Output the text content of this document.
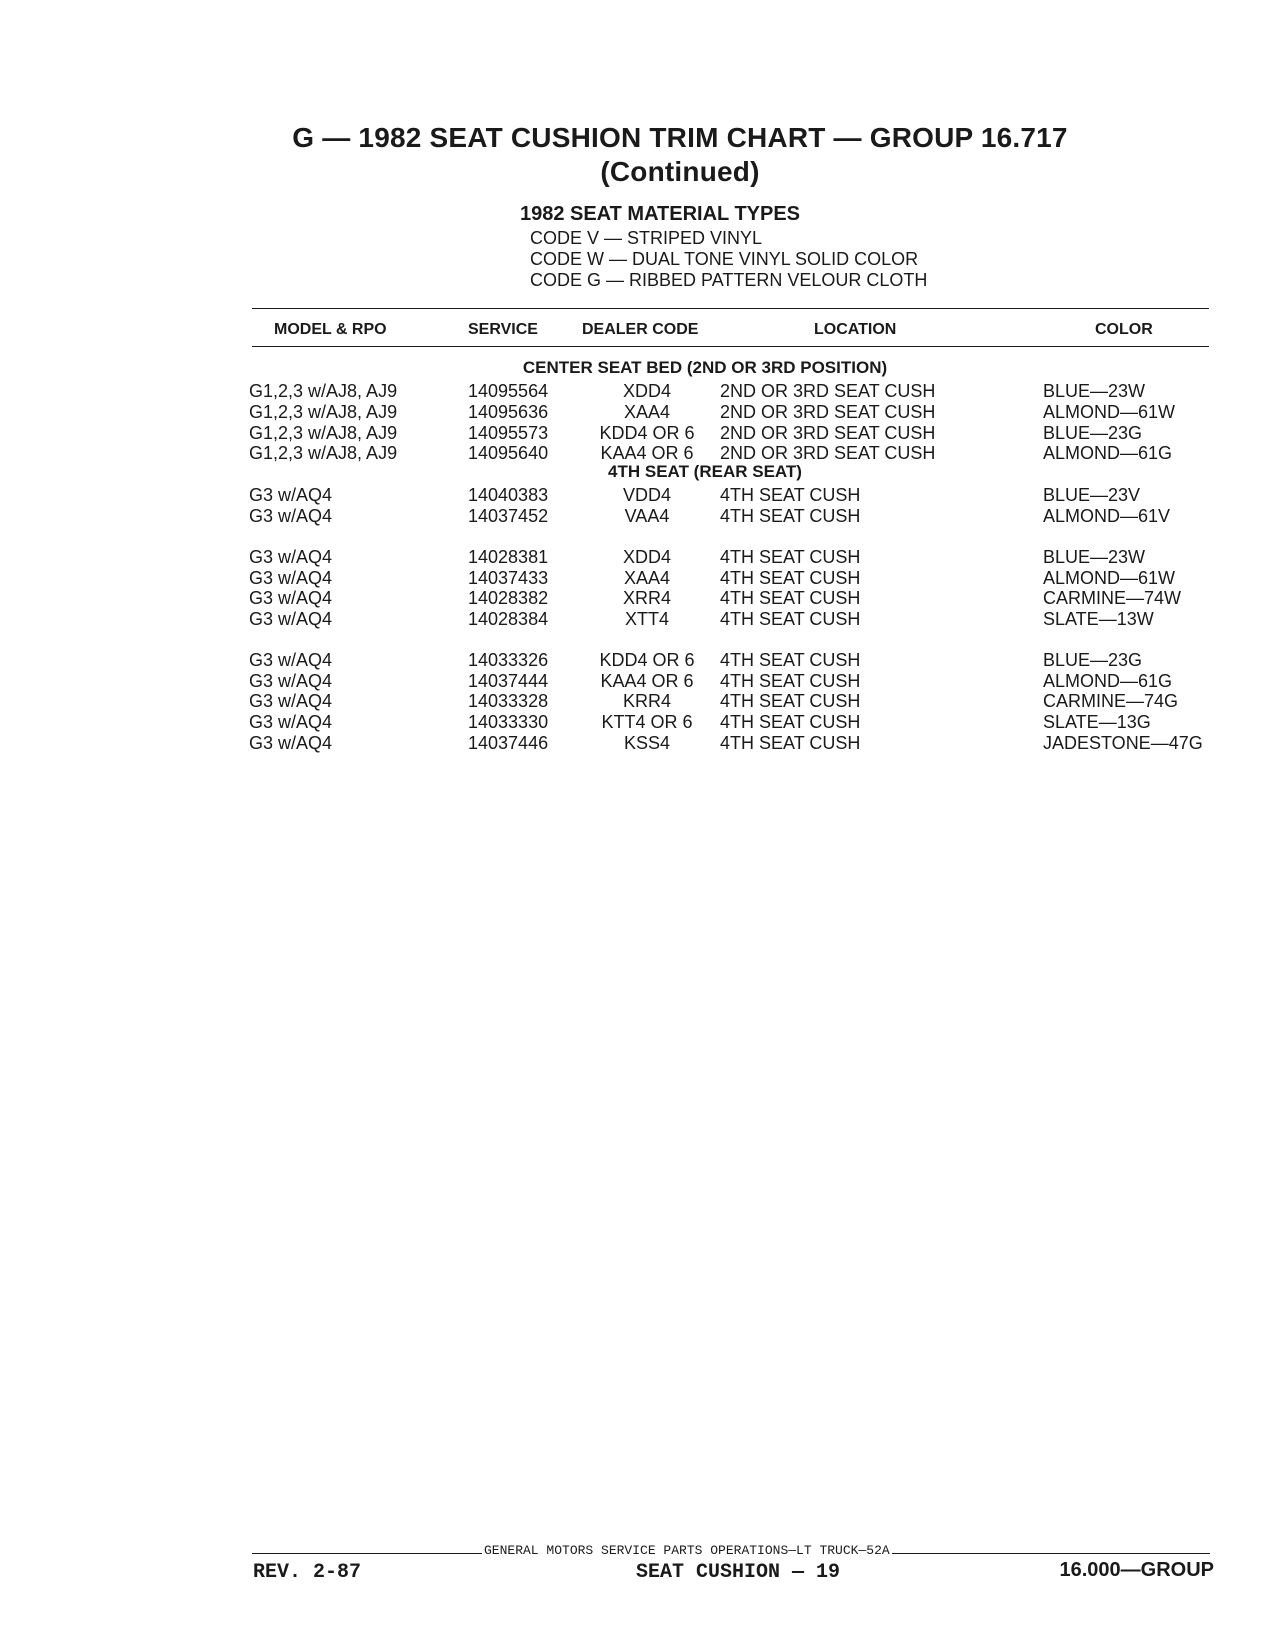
G — 1982 SEAT CUSHION TRIM CHART — GROUP 16.717
(Continued)
1982 SEAT MATERIAL TYPES
CODE V — STRIPED VINYL
CODE W — DUAL TONE VINYL SOLID COLOR
CODE G — RIBBED PATTERN VELOUR CLOTH
MODEL & RPO	SERVICE	DEALER CODE	LOCATION	COLOR
CENTER SEAT BED (2ND OR 3RD POSITION)
G1,2,3 w/AJ8, AJ9	14095564	XDD4	2ND OR 3RD SEAT CUSH	BLUE—23W
G1,2,3 w/AJ8, AJ9	14095636	XAA4	2ND OR 3RD SEAT CUSH	ALMOND—61W
G1,2,3 w/AJ8, AJ9	14095573	KDD4 OR 6	2ND OR 3RD SEAT CUSH	BLUE—23G
G1,2,3 w/AJ8, AJ9	14095640	KAA4 OR 6	2ND OR 3RD SEAT CUSH	ALMOND—61G
4TH SEAT (REAR SEAT)
G3 w/AQ4	14040383	VDD4	4TH SEAT CUSH	BLUE—23V
G3 w/AQ4	14037452	VAA4	4TH SEAT CUSH	ALMOND—61V
G3 w/AQ4	14028381	XDD4	4TH SEAT CUSH	BLUE—23W
G3 w/AQ4	14037433	XAA4	4TH SEAT CUSH	ALMOND—61W
G3 w/AQ4	14028382	XRR4	4TH SEAT CUSH	CARMINE—74W
G3 w/AQ4	14028384	XTT4	4TH SEAT CUSH	SLATE—13W
G3 w/AQ4	14033326	KDD4 OR 6	4TH SEAT CUSH	BLUE—23G
G3 w/AQ4	14037444	KAA4 OR 6	4TH SEAT CUSH	ALMOND—61G
G3 w/AQ4	14033328	KRR4	4TH SEAT CUSH	CARMINE—74G
G3 w/AQ4	14033330	KTT4 OR 6	4TH SEAT CUSH	SLATE—13G
G3 w/AQ4	14037446	KSS4	4TH SEAT CUSH	JADESTONE—47G
GENERAL MOTORS SERVICE PARTS OPERATIONS—LT TRUCK—52A
REV. 2-87	SEAT CUSHION — 19	16.000—GROUP
